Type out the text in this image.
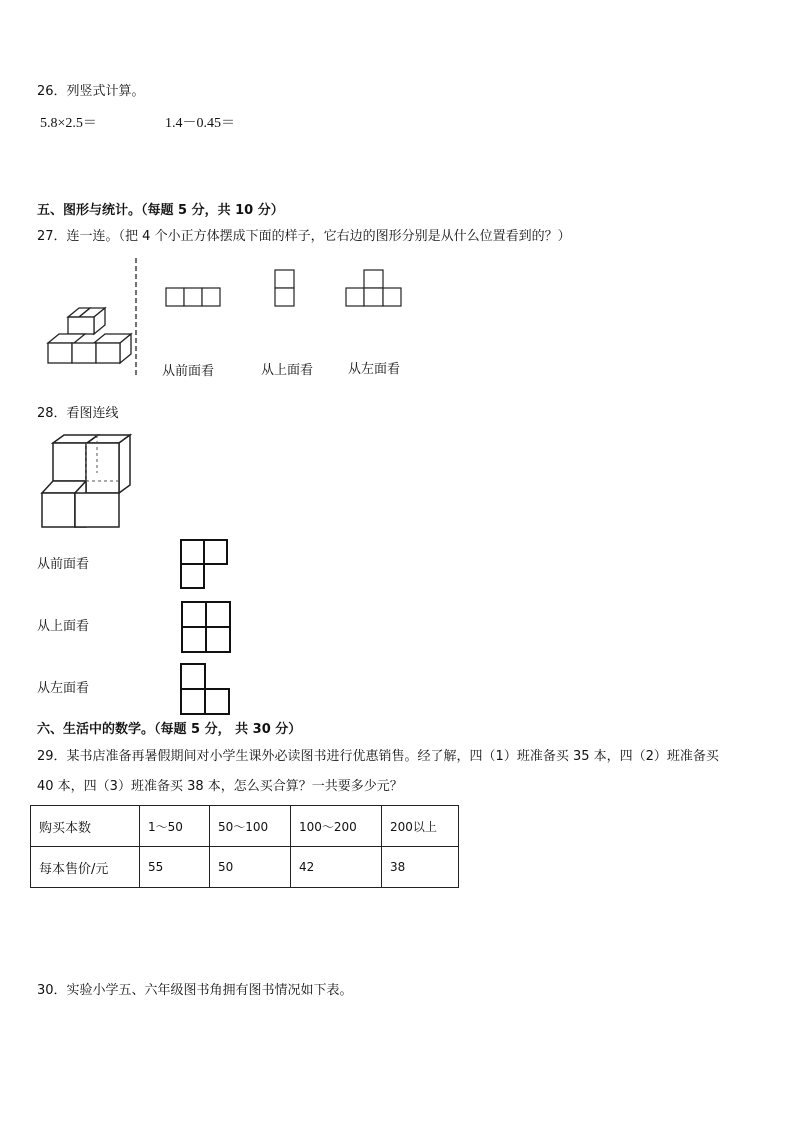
26．列竖式计算。
5.8×2.5＝	1.4－0.45＝
五、图形与统计。（每题 5 分，共 10 分）
27．连一连。（把 4 个小正方体摆成下面的样子，它右边的图形分别是从什么位置看到的？）
从前面看	从上面看	从左面看
28．看图连线
从前面看
从上面看
从左面看
六、生活中的数学。（每题 5 分， 共 30 分）
29．某书店准备再暑假期间对小学生课外必读图书进行优惠销售。经了解，四（1）班准备买 35 本，四（2）班准备买
40 本，四（3）班准备买 38 本，怎么买合算？一共要多少元？
购买本数	1～50	50～100	100～200	200以上
每本售价/元	55	50	42	38
30．实验小学五、六年级图书角拥有图书情况如下表。
